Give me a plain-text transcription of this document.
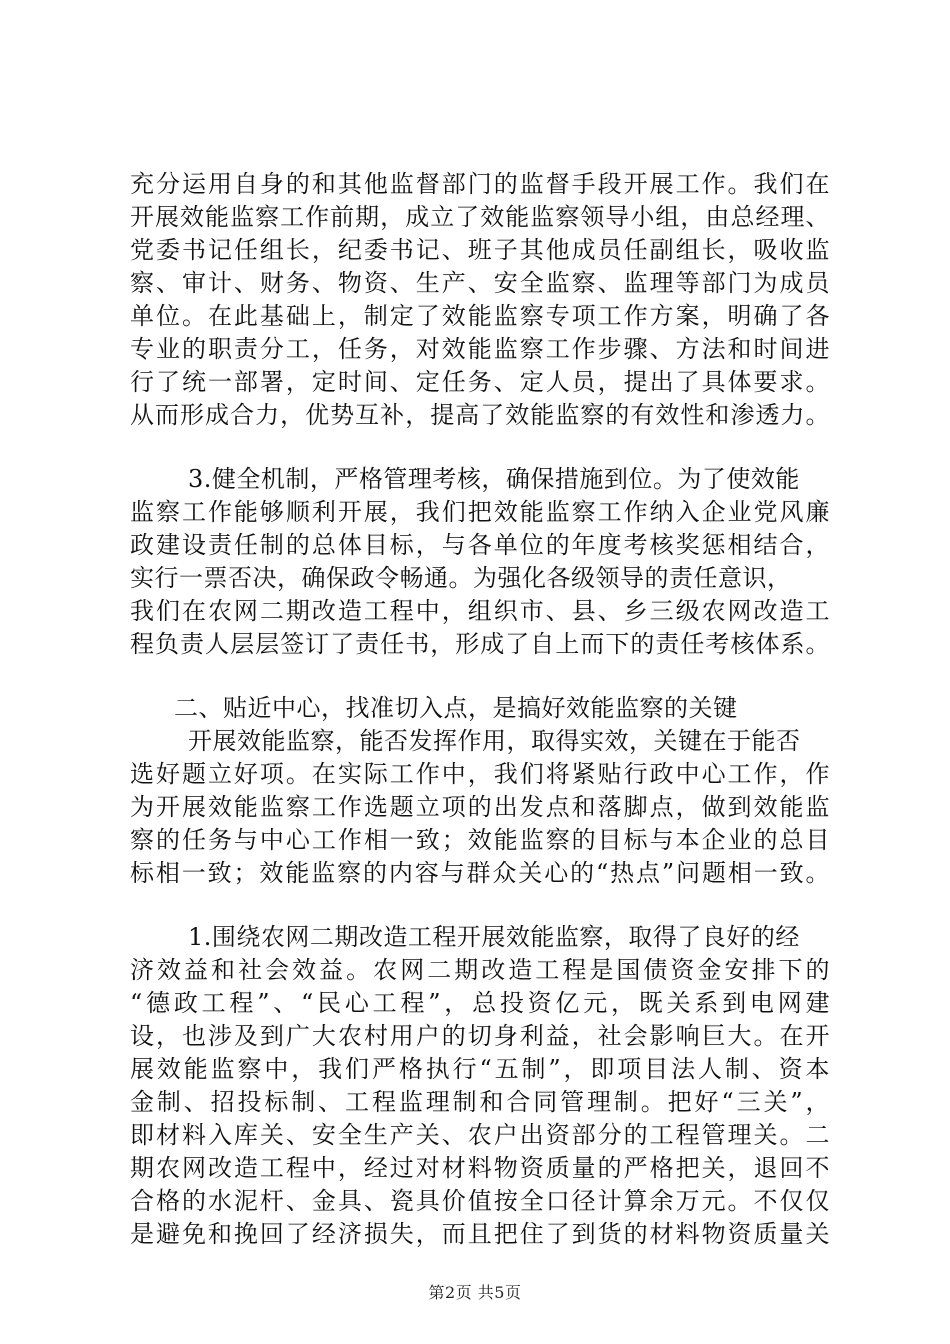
充分运用自身的和其他监督部门的监督手段开展工作。我们在
开展效能监察工作前期，成立了效能监察领导小组，由总经理、
党委书记任组长，纪委书记、班子其他成员任副组长，吸收监
察、审计、财务、物资、生产、安全监察、监理等部门为成员
单位。在此基础上，制定了效能监察专项工作方案，明确了各
专业的职责分工，任务，对效能监察工作步骤、方法和时间进
行了统一部署，定时间、定任务、定人员，提出了具体要求。
从而形成合力，优势互补，提高了效能监察的有效性和渗透力。
3.健全机制，严格管理考核，确保措施到位。为了使效能
监察工作能够顺利开展，我们把效能监察工作纳入企业党风廉
政建设责任制的总体目标，与各单位的年度考核奖惩相结合，
实行一票否决，确保政令畅通。为强化各级领导的责任意识，
我们在农网二期改造工程中，组织市、县、乡三级农网改造工
程负责人层层签订了责任书，形成了自上而下的责任考核体系。
二、贴近中心，找准切入点，是搞好效能监察的关键
开展效能监察，能否发挥作用，取得实效，关键在于能否
选好题立好项。在实际工作中，我们将紧贴行政中心工作，作
为开展效能监察工作选题立项的出发点和落脚点，做到效能监
察的任务与中心工作相一致；效能监察的目标与本企业的总目
标相一致；效能监察的内容与群众关心的“热点”问题相一致。
1.围绕农网二期改造工程开展效能监察，取得了良好的经
济效益和社会效益。农网二期改造工程是国债资金安排下的
“德政工程”、“民心工程”，总投资亿元，既关系到电网建
设，也涉及到广大农村用户的切身利益，社会影响巨大。在开
展效能监察中，我们严格执行“五制”，即项目法人制、资本
金制、招投标制、工程监理制和合同管理制。把好“三关”，
即材料入库关、安全生产关、农户出资部分的工程管理关。二
期农网改造工程中，经过对材料物资质量的严格把关，退回不
合格的水泥杆、金具、瓷具价值按全口径计算余万元。不仅仅
是避免和挽回了经济损失，而且把住了到货的材料物资质量关
第2页 共5页
